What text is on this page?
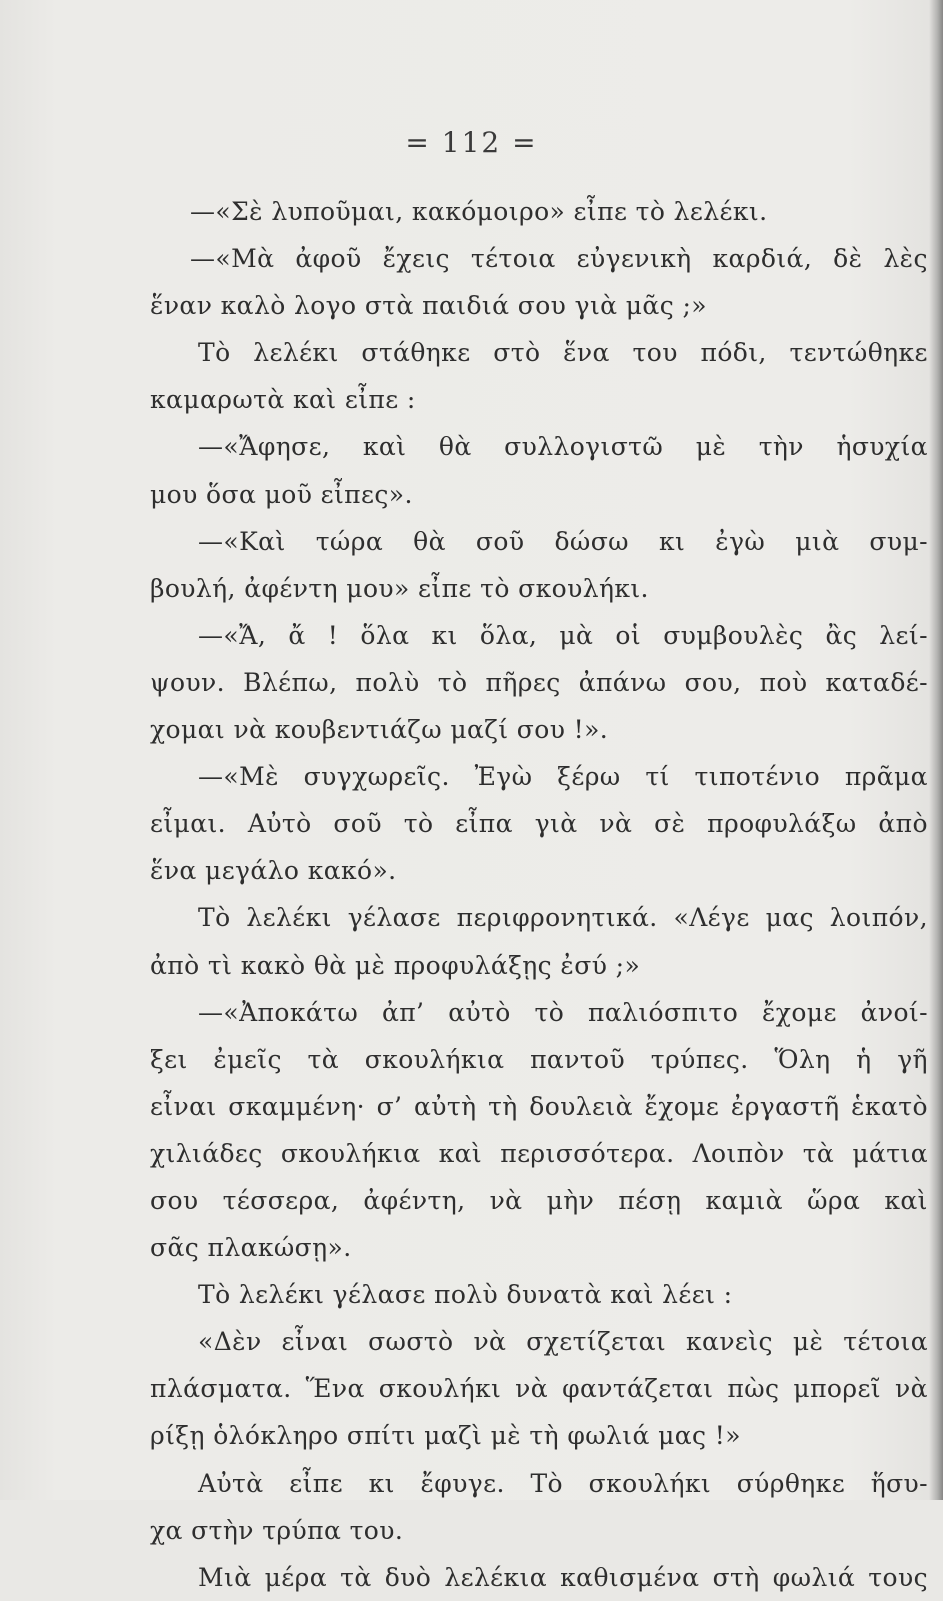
= 112 =
—«Σὲ λυποῦμαι, κακόμοιρο» εἶπε τὸ λελέκι.
—«Μὰ ἀφοῦ ἔχεις τέτοια εὐγενικὴ καρδιά, δὲ λὲς
ἕναν καλὸ λογο στὰ παιδιά σου γιὰ μᾶς ;»
Τὸ λελέκι στάθηκε στὸ ἕνα του πόδι, τεντώθηκε
καμαρωτὰ καὶ εἶπε :
—«Ἄφησε, καὶ θὰ συλλογιστῶ μὲ τὴν ἡσυχία
μου ὅσα μοῦ εἶπες».
—«Καὶ τώρα θὰ σοῦ δώσω κι ἐγὼ μιὰ συμ-
βουλή, ἀφέντη μου» εἶπε τὸ σκουλήκι.
—«Ἄ, ἄ ! ὅλα κι ὅλα, μὰ οἱ συμβουλὲς ἂς λεί-
ψουν. Βλέπω, πολὺ τὸ πῆρες ἀπάνω σου, ποὺ καταδέ-
χομαι νὰ κουβεντιάζω μαζί σου !».
—«Μὲ συγχωρεῖς. Ἐγὼ ξέρω τί τιποτένιο πρᾶμα
εἶμαι. Αὐτὸ σοῦ τὸ εἶπα γιὰ νὰ σὲ προφυλάξω ἀπὸ
ἕνα μεγάλο κακό».
Τὸ λελέκι γέλασε περιφρονητικά. «Λέγε μας λοιπόν,
ἀπὸ τὶ κακὸ θὰ μὲ προφυλάξῃς ἐσύ ;»
—«Ἀποκάτω ἀπ’ αὐτὸ τὸ παλιόσπιτο ἔχομε ἀνοί-
ξει ἐμεῖς τὰ σκουλήκια παντοῦ τρύπες. Ὅλη ἡ γῆ
εἶναι σκαμμένη· σ’ αὐτὴ τὴ δουλειὰ ἔχομε ἐργαστῆ ἑκατὸ
χιλιάδες σκουλήκια καὶ περισσότερα. Λοιπὸν τὰ μάτια
σου τέσσερα, ἀφέντη, νὰ μὴν πέσῃ καμιὰ ὥρα καὶ
σᾶς πλακώσῃ».
Τὸ λελέκι γέλασε πολὺ δυνατὰ καὶ λέει :
«Δὲν εἶναι σωστὸ νὰ σχετίζεται κανεὶς μὲ τέτοια
πλάσματα. Ἕνα σκουλήκι νὰ φαντάζεται πὼς μπορεῖ νὰ
ρίξῃ ὁλόκληρο σπίτι μαζὶ μὲ τὴ φωλιά μας !»
Αὐτὰ εἶπε κι ἔφυγε. Τὸ σκουλήκι σύρθηκε ἥσυ-
χα στὴν τρύπα του.
Μιὰ μέρα τὰ δυὸ λελέκια καθισμένα στὴ φωλιά τους
